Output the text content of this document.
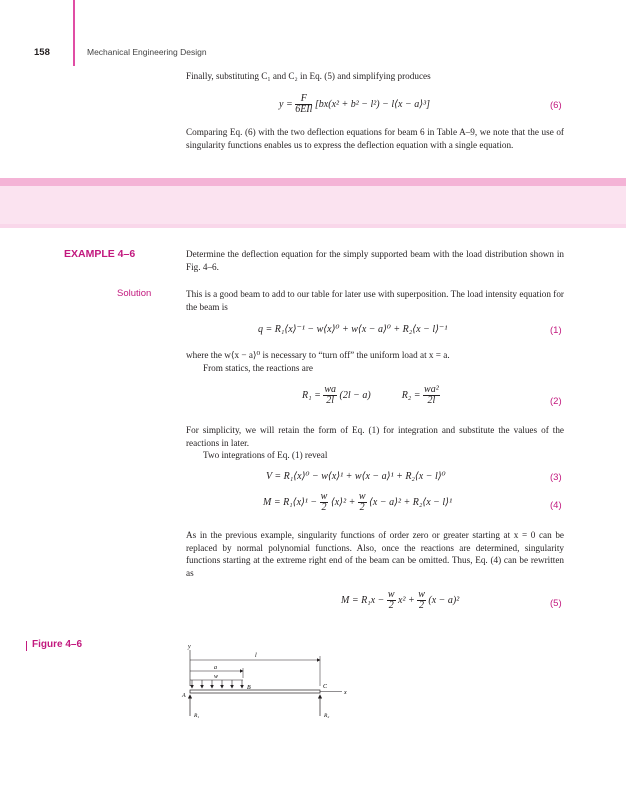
158	Mechanical Engineering Design
Finally, substituting C₁ and C₂ in Eq. (5) and simplifying produces
$y = \frac{F}{\text{6EIl}} [bx(x^2 + b^2 - l^2)$ − l⟨x − a⟩³]	(6)
Comparing Eq. (6) with the two deflection equations for beam 6 in Table A–9, we note that the use of singularity functions enables us to express the deflection equation with a single equation.
EXAMPLE 4–6	Determine the deflection equation for the simply supported beam with the load distribution shown in Fig. 4–6.
Solution	This is a good beam to add to our table for later use with superposition. The load intensity equation for the beam is
q = R₁⟨x⟩⁻¹ − w⟨x⟩⁰ + w⟨x − a⟩⁰ + R₂⟨x − l⟩⁻¹	(1)
where the w⟨x − a⟩⁰ is necessary to “turn off” the uniform load at x = a.
From statics, the reactions are
$R_1 = \frac{wa}{2l} (2l - a)$	$R_2 = \frac{\text{wa²}}{2l}$	(2)
For simplicity, we will retain the form of Eq. (1) for integration and substitute the values of the reactions in later.
Two integrations of Eq. (1) reveal
V = R₁⟨x⟩⁰ − w⟨x⟩¹ + w⟨x − a⟩¹ + R₂⟨x − l⟩⁰	(3)
M = R₁⟨x⟩¹ − $\frac{w}{2}$ ⟨x⟩² + $\frac{w}{2}$ ⟨x − a⟩² + R₂⟨x − l⟩¹	(4)
As in the previous example, singularity functions of order zero or greater starting at x = 0 can be replaced by normal polynomial functions. Also, once the reactions are determined, singularity functions starting at the extreme right end of the beam can be omitted. Thus, Eq. (4) can be rewritten as
$M = R_1x - \frac{w}{2} x^2 + \frac{w}{2} (x - a)^2$	(5)
Figure 4–6	y
l
a
w
x
A
B	C
R₁	R₂
